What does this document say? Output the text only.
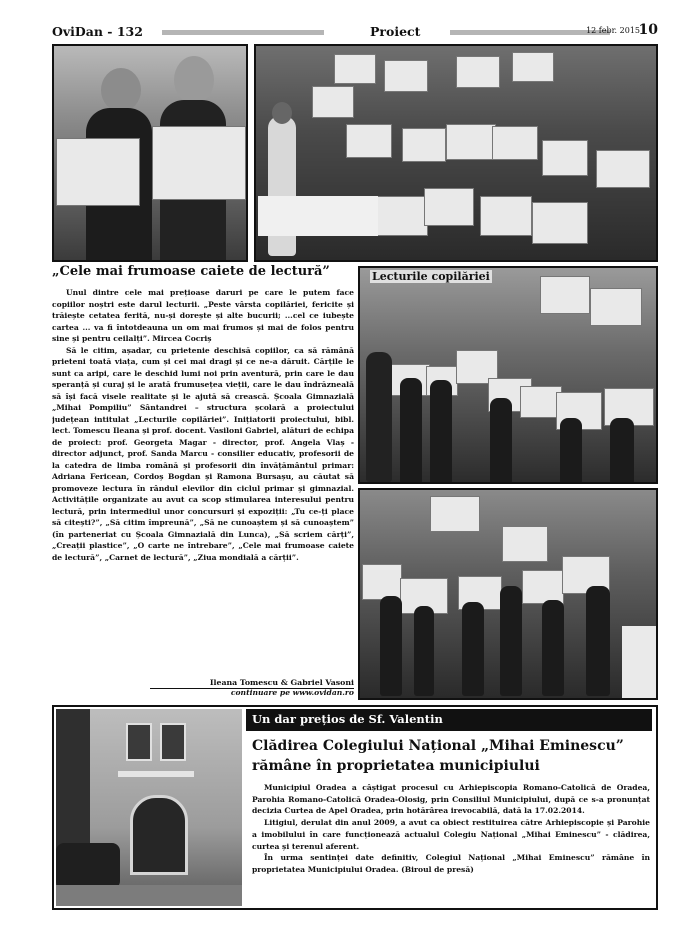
OviDan - 132	Proiect	12 febr. 2015
10
„Cele mai frumoase caiete de lectură”

Unul dintre cele mai prețioase daruri pe care le putem face copiilor noștri este darul lecturii. „Peste vârsta copilăriei, fericite și trăiește cetatea ferită, nu-și dorește și alte bucurii; ...cel ce iubește cartea ... va fi întotdeauna un om mai frumos și mai de folos pentru sine și pentru ceilalți”. Mircea Cocriș

Să le citim, așadar, cu prietenie deschisă copiilor, ca să rămână prieteni toată viața, cum și cei mai dragi și ce ne-a dăruit. Cărțile le sunt ca aripi, care le deschid lumi noi prin aventură, prin care le dau speranță și curaj și le arată frumusețea vieții, care le dau îndrăzneală să își facă visele realitate și le ajută să crească. Școala Gimnazială „Mihai Pompiliu” Sântandrei – structura școlară a proiectului județean intitulat „Lecturile copilăriei”. Inițiatorii proiectului, bibl. lect. Tomescu Ileana și prof. docent. Vasiloni Gabriel, alături de echipa de proiect: prof. Georgeta Magar - director, prof. Angela Vlaș - director adjunct, prof. Sanda Marcu - consilier educativ, profesorii de la catedra de limba română și profesorii din învățământul primar: Adriana Fericean, Cordoș Bogdan și Ramona Bursașu, au căutat să promoveze lectura în rândul elevilor din ciclul primar și gimnazial. Activitățile organizate au avut ca scop stimularea interesului pentru lectură, prin intermediul unor concursuri și expoziții: „Tu ce-ți place să citești?”, „Să citim împreună”, „Să ne cunoaștem și să cunoaștem” (în parteneriat cu Școala Gimnazială din Lunca), „Să scriem cărți”, „Creații plastice”, „O carte ne întrebare”, „Cele mai frumoase caiete de lectură”, „Carnet de lectură”, „Ziua mondială a cărții”.

Ileana Tomescu & Gabriel Vasoni
continuare pe www.ovidan.ro
Lecturile copilăriei
Un dar prețios de Sf. Valentin
Clădirea Colegiului Național „Mihai Eminescu”
rămâne în proprietatea municipiului

Municipiul Oradea a câștigat procesul cu Arhiepiscopia Romano-Catolică de Oradea, Parohia Romano-Catolică Oradea-Olosig, prin Consiliul Municipiului, după ce s-a pronunțat decizia Curtea de Apel Oradea, prin hotărârea irevocabilă, dată la 17.02.2014.

Litigiul, derulat din anul 2009, a avut ca obiect restituirea către Arhiepiscopie și Parohie a imobilului în care funcționează actualul Colegiu Național „Mihai Eminescu” - clădirea, curtea și terenul aferent.

În urma sentinței date definitiv, Colegiul Național „Mihai Eminescu” rămâne în proprietatea Municipiului Oradea. (Biroul de presă)
